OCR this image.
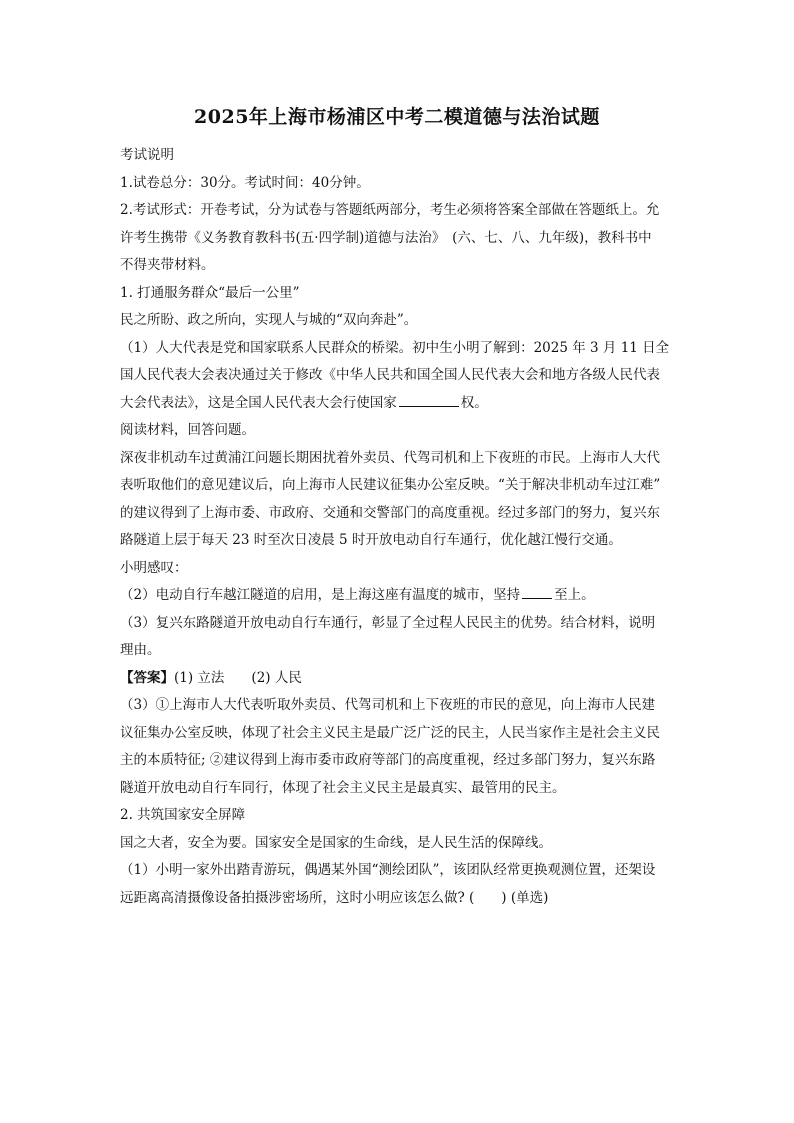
2025年上海市杨浦区中考二模道德与法治试题
考试说明
1.试卷总分：30分。考试时间：40分钟。
2.考试形式：开卷考试，分为试卷与答题纸两部分，考生必须将答案全部做在答题纸上。允
许考生携带《义务教育教科书(五·四学制)道德与法治》　(六、七、八、九年级)，教科书中
不得夹带材料。
1. 打通服务群众“最后一公里”
民之所盼、政之所向，实现人与城的“双向奔赴”。
（1）人大代表是党和国家联系人民群众的桥梁。初中生小明了解到：2025 年 3 月 11 日全
国人民代表大会表决通过关于修改《中华人民共和国全国人民代表大会和地方各级人民代表
大会代表法》，这是全国人民代表大会行使国家	权。
阅读材料，回答问题。
深夜非机动车过黄浦江问题长期困扰着外卖员、代驾司机和上下夜班的市民。上海市人大代
表听取他们的意见建议后，向上海市人民建议征集办公室反映。“关于解决非机动车过江难”
的建议得到了上海市委、市政府、交通和交警部门的高度重视。经过多部门的努力，复兴东
路隧道上层于每天 23 时至次日凌晨 5 时开放电动自行车通行，优化越江慢行交通。
小明感叹：
（2）电动自行车越江隧道的启用，是上海这座有温度的城市，坚持	至上。
（3）复兴东路隧道开放电动自行车通行，彰显了全过程人民民主的优势。结合材料，说明
理由。
【答案】(1) 立法　　 (2) 人民
（3）①上海市人大代表听取外卖员、代驾司机和上下夜班的市民的意见，向上海市人民建
议征集办公室反映，体现了社会主义民主是最广泛广泛的民主，人民当家作主是社会主义民
主的本质特征; ②建议得到上海市委市政府等部门的高度重视，经过多部门努力，复兴东路
隧道开放电动自行车同行，体现了社会主义民主是最真实、最管用的民主。
2. 共筑国家安全屏障
国之大者，安全为要。国家安全是国家的生命线，是人民生活的保障线。
（1）小明一家外出踏青游玩，偶遇某外国“测绘团队”，该团队经常更换观测位置，还架设
远距离高清摄像设备拍摄涉密场所，这时小明应该怎么做? (　　) (单选)
